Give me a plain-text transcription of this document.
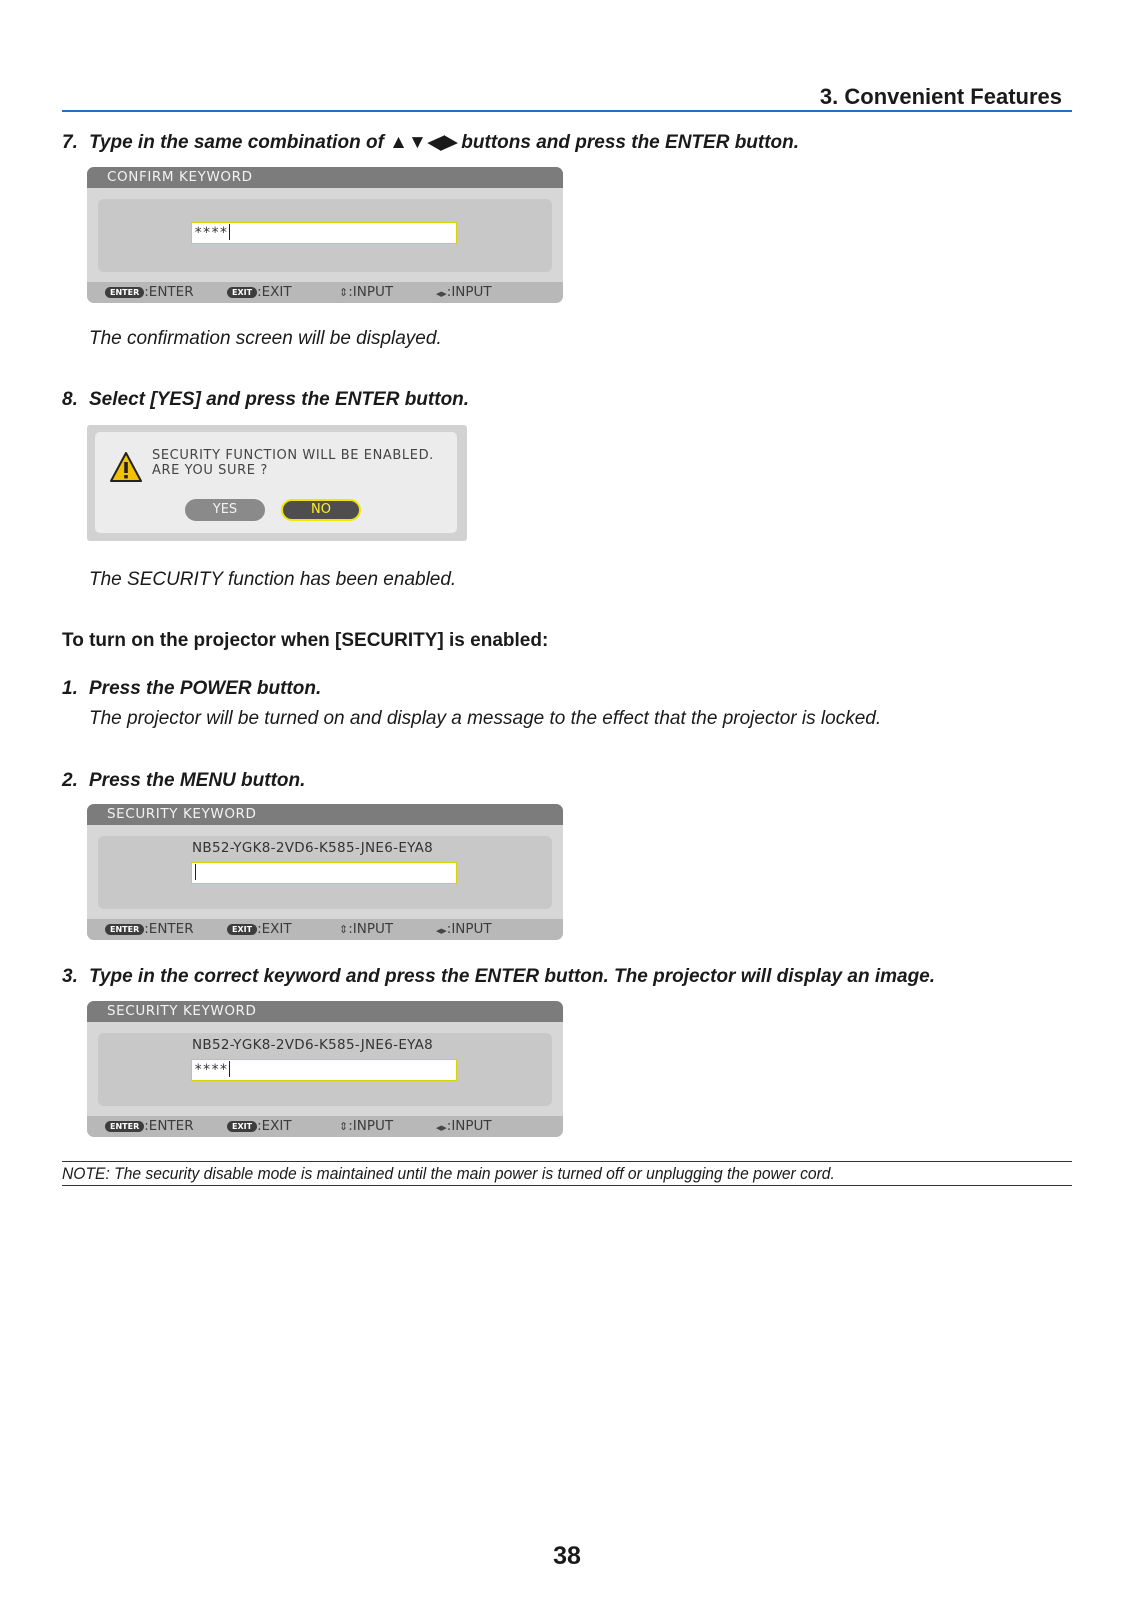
3. Convenient Features
7. Type in the same combination of ▲▼◀▶ buttons and press the ENTER button.
CONFIRM KEYWORD
****
ENTER :ENTER	EXIT :EXIT	⇕:INPUT	◀▶:INPUT
The confirmation screen will be displayed.
8. Select [YES] and press the ENTER button.
SECURITY FUNCTION WILL BE ENABLED.
ARE YOU SURE ?
YES	NO
The SECURITY function has been enabled.
To turn on the projector when [SECURITY] is enabled:
1. Press the POWER button.
The projector will be turned on and display a message to the effect that the projector is locked.
2. Press the MENU button.
SECURITY KEYWORD
NB52-YGK8-2VD6-K585-JNE6-EYA8
ENTER :ENTER	EXIT :EXIT	⇕:INPUT	◀▶:INPUT
3. Type in the correct keyword and press the ENTER button. The projector will display an image.
SECURITY KEYWORD
NB52-YGK8-2VD6-K585-JNE6-EYA8
****
ENTER :ENTER	EXIT :EXIT	⇕:INPUT	◀▶:INPUT
NOTE: The security disable mode is maintained until the main power is turned off or unplugging the power cord.
38
